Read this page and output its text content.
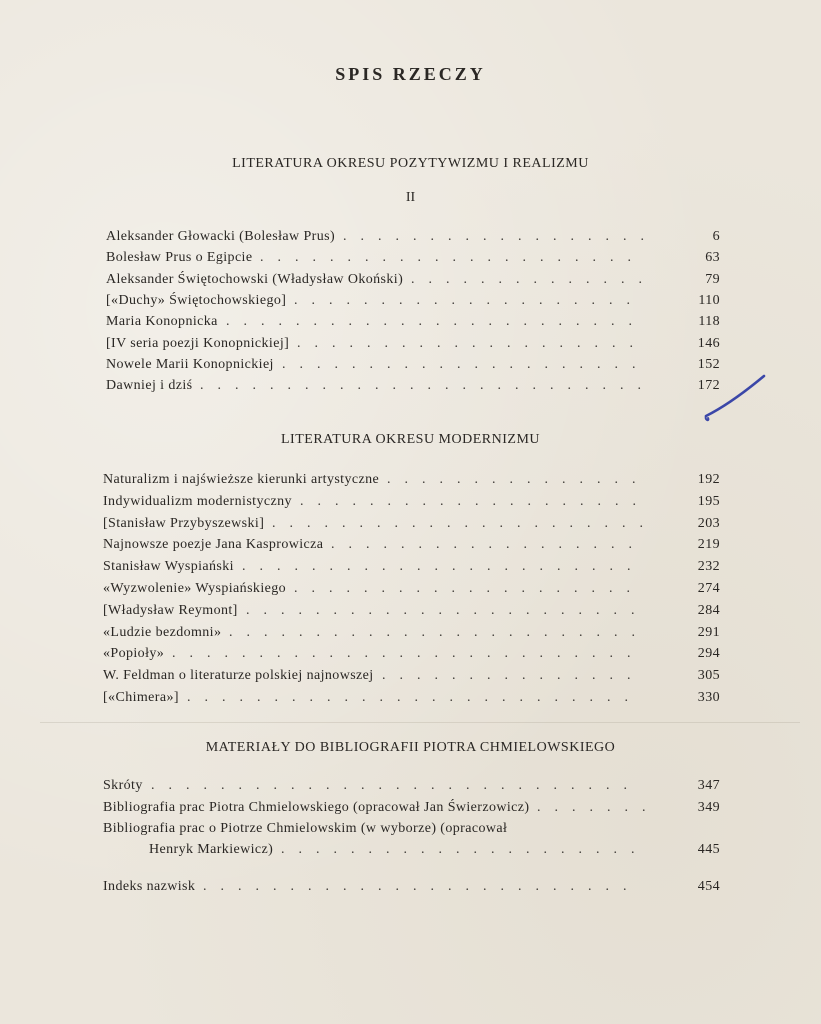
SPIS RZECZY
LITERATURA OKRESU POZYTYWIZMU I REALIZMU
II
Aleksander Głowacki (Bolesław Prus) ..................	6
Bolesław Prus o Egipcie ......................	63
Aleksander Świętochowski (Władysław Okoński) ..............	79
[«Duchy» Świętochowskiego] ....................	110
Maria Konopnicka ........................	118
[IV seria poezji Konopnickiej] ....................	146
Nowele Marii Konopnickiej .....................	152
Dawniej i dziś ..........................	172
LITERATURA OKRESU MODERNIZMU
Naturalizm i najświeższe kierunki artystyczne ...............	192
Indywidualizm modernistyczny ....................	195
[Stanisław Przybyszewski] ......................	203
Najnowsze poezje Jana Kasprowicza ..................	219
Stanisław Wyspiański .......................	232
«Wyzwolenie» Wyspiańskiego ....................	274
[Władysław Reymont] .......................	284
«Ludzie bezdomni» ........................	291
«Popioły» ...........................	294
W. Feldman o literaturze polskiej najnowszej ...............	305
[«Chimera»] ..........................	330
MATERIAŁY DO BIBLIOGRAFII PIOTRA CHMIELOWSKIEGO
Skróty ............................	347
Bibliografia prac Piotra Chmielowskiego (opracował Jan Świerzowicz) .......	349
Bibliografia prac o Piotrze Chmielowskim (w wyborze) (opracował
Henryk Markiewicz) .....................	445
Indeks nazwisk .........................	454
